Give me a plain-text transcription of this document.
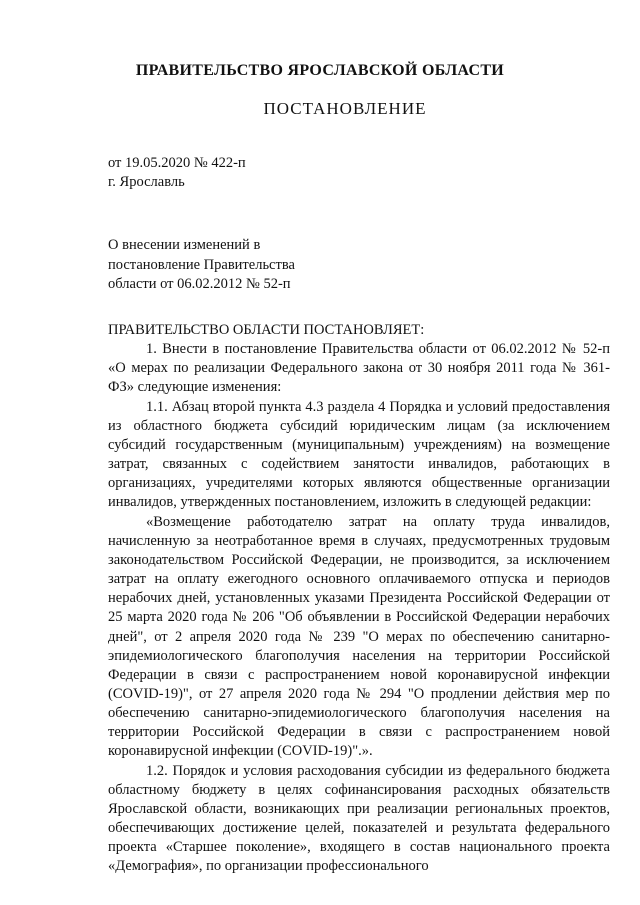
ПРАВИТЕЛЬСТВО ЯРОСЛАВСКОЙ ОБЛАСТИ
ПОСТАНОВЛЕНИЕ
от 19.05.2020 № 422-п
г. Ярославль
О внесении изменений в
постановление Правительства
области от 06.02.2012 № 52-п

ПРАВИТЕЛЬСТВО ОБЛАСТИ ПОСТАНОВЛЯЕТ:

1. Внести в постановление Правительства области от 06.02.2012 № 52-п «О мерах по реализации Федерального закона от 30 ноября 2011 года № 361-ФЗ» следующие изменения:

1.1. Абзац второй пункта 4.3 раздела 4 Порядка и условий предоставления из областного бюджета субсидий юридическим лицам (за исключением субсидий государственным (муниципальным) учреждениям) на возмещение затрат, связанных с содействием занятости инвалидов, работающих в организациях, учредителями которых являются общественные организации инвалидов, утвержденных постановлением, изложить в следующей редакции:

«Возмещение работодателю затрат на оплату труда инвалидов, начисленную за неотработанное время в случаях, предусмотренных трудовым законодательством Российской Федерации, не производится, за исключением затрат на оплату ежегодного основного оплачиваемого отпуска и периодов нерабочих дней, установленных указами Президента Российской Федерации от 25 марта 2020 года № 206 "Об объявлении в Российской Федерации нерабочих дней", от 2 апреля 2020 года № 239 "О мерах по обеспечению санитарно-эпидемиологического благополучия населения на территории Российской Федерации в связи с распространением новой коронавирусной инфекции (COVID-19)", от 27 апреля 2020 года № 294 "О продлении действия мер по обеспечению санитарно-эпидемиологического благополучия населения на территории Российской Федерации в связи с распространением новой коронавирусной инфекции (COVID-19)".».

1.2. Порядок и условия расходования субсидии из федерального бюджета областному бюджету в целях софинансирования расходных обязательств Ярославской области, возникающих при реализации региональных проектов, обеспечивающих достижение целей, показателей и результата федерального проекта «Старшее поколение», входящего в состав национального проекта «Демография», по организации профессионального
